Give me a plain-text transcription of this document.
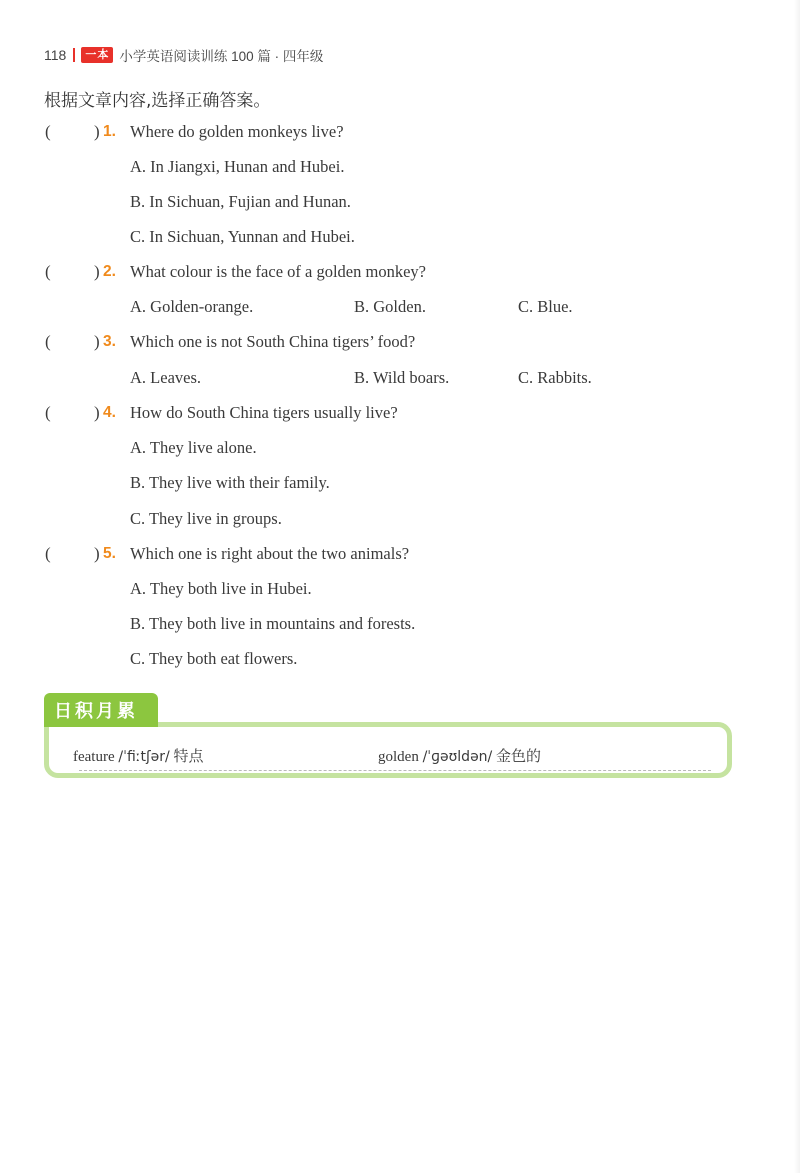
118	一本 小学英语阅读训练 100 篇 · 四年级
根据文章内容,选择正确答案。
(	) 1. Where do golden monkeys live?
A. In Jiangxi, Hunan and Hubei.
B. In Sichuan, Fujian and Hunan.
C. In Sichuan, Yunnan and Hubei.
(	) 2. What colour is the face of a golden monkey?
A. Golden-orange.	B. Golden.	C. Blue.
(	) 3. Which one is not South China tigers’ food?
A. Leaves.	B. Wild boars.	C. Rabbits.
(	) 4. How do South China tigers usually live?
A. They live alone.
B. They live with their family.
C. They live in groups.
(	) 5. Which one is right about the two animals?
A. They both live in Hubei.
B. They both live in mountains and forests.
C. They both eat flowers.
feature /ˈfiːtʃər/ 特点	golden /ˈɡəʊldən/ 金色的
日积月累
